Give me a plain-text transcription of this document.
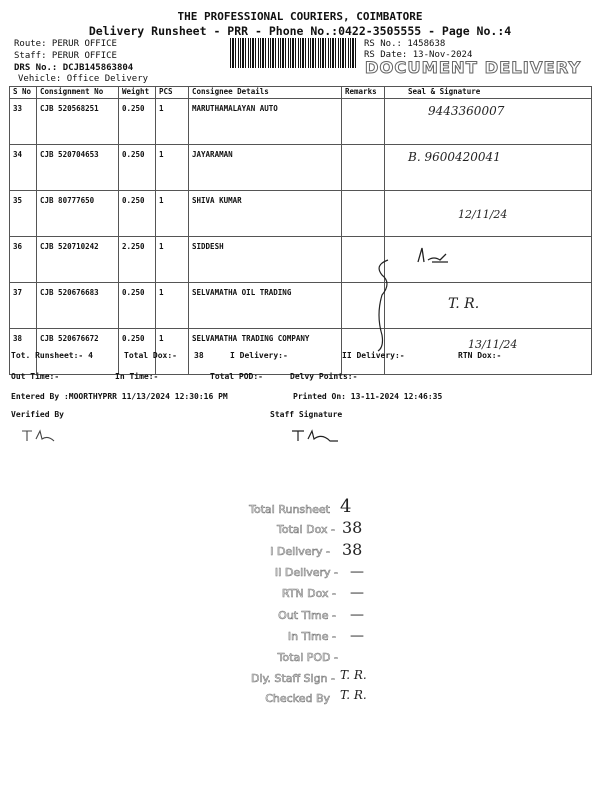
THE PROFESSIONAL COURIERS, COIMBATORE
Delivery Runsheet - PRR - Phone No.:0422-3505555 - Page No.:4
Route: PERUR OFFICE
Staff: PERUR OFFICE
DRS No.: DCJB145863804
Vehicle: Office Delivery
RS No.: 1458638
RS Date: 13-Nov-2024
DOCUMENT DELIVERY
S No	Consignment No	Weight	PCS	Consignee Details	Remarks	Seal & Signature
33	CJB 520568251	0.250	1	MARUTHAMALAYAN AUTO		9443360007
34	CJB 520704653	0.250	1	JAYARAMAN		B. 9600420041
35	CJB 80777650	0.250	1	SHIVA KUMAR		12/11/24
36	CJB 520710242	2.250	1	SIDDESH		
37	CJB 520676683	0.250	1	SELVAMATHA OIL TRADING		T. R.
38	CJB 520676672	0.250	1	SELVAMATHA TRADING COMPANY		13/11/24
Tot. Runsheet:- 4	Total Dox:- 38	I Delivery:-	II Delivery:-	RTN Dox:-
Out Time:-	In Time:-	Total POD:-	Delvy Points:-
Entered By :MOORTHYPRR 11/13/2024 12:30:16 PM	Printed On: 13-11-2024 12:46:35
Verified By	Staff Signature
Total Runsheet 4
Total Dox - 38
I Delivery - 38
II Delivery - —
RTN Dox - —
Out Time - —
In Time - —
Total POD -
Dly. Staff Sign - T. R.
Checked By T. R.
